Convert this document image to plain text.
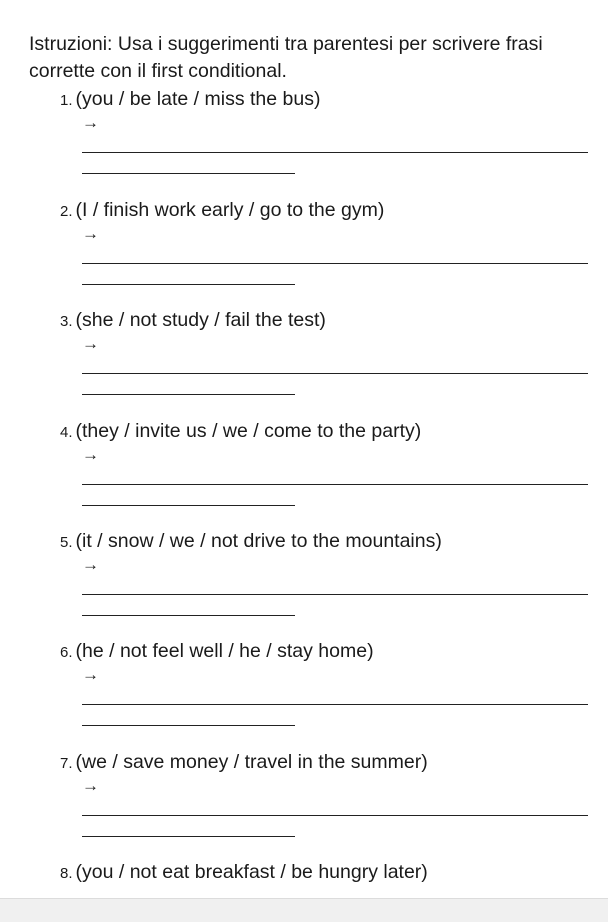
Istruzioni: Usa i suggerimenti tra parentesi per scrivere frasi corrette con il first conditional.
1. (you / be late / miss the bus)
→
2. (I / finish work early / go to the gym)
→
3. (she / not study / fail the test)
→
4. (they / invite us / we / come to the party)
→
5. (it / snow / we / not drive to the mountains)
→
6. (he / not feel well / he / stay home)
→
7. (we / save money / travel in the summer)
→
8. (you / not eat breakfast / be hungry later)
